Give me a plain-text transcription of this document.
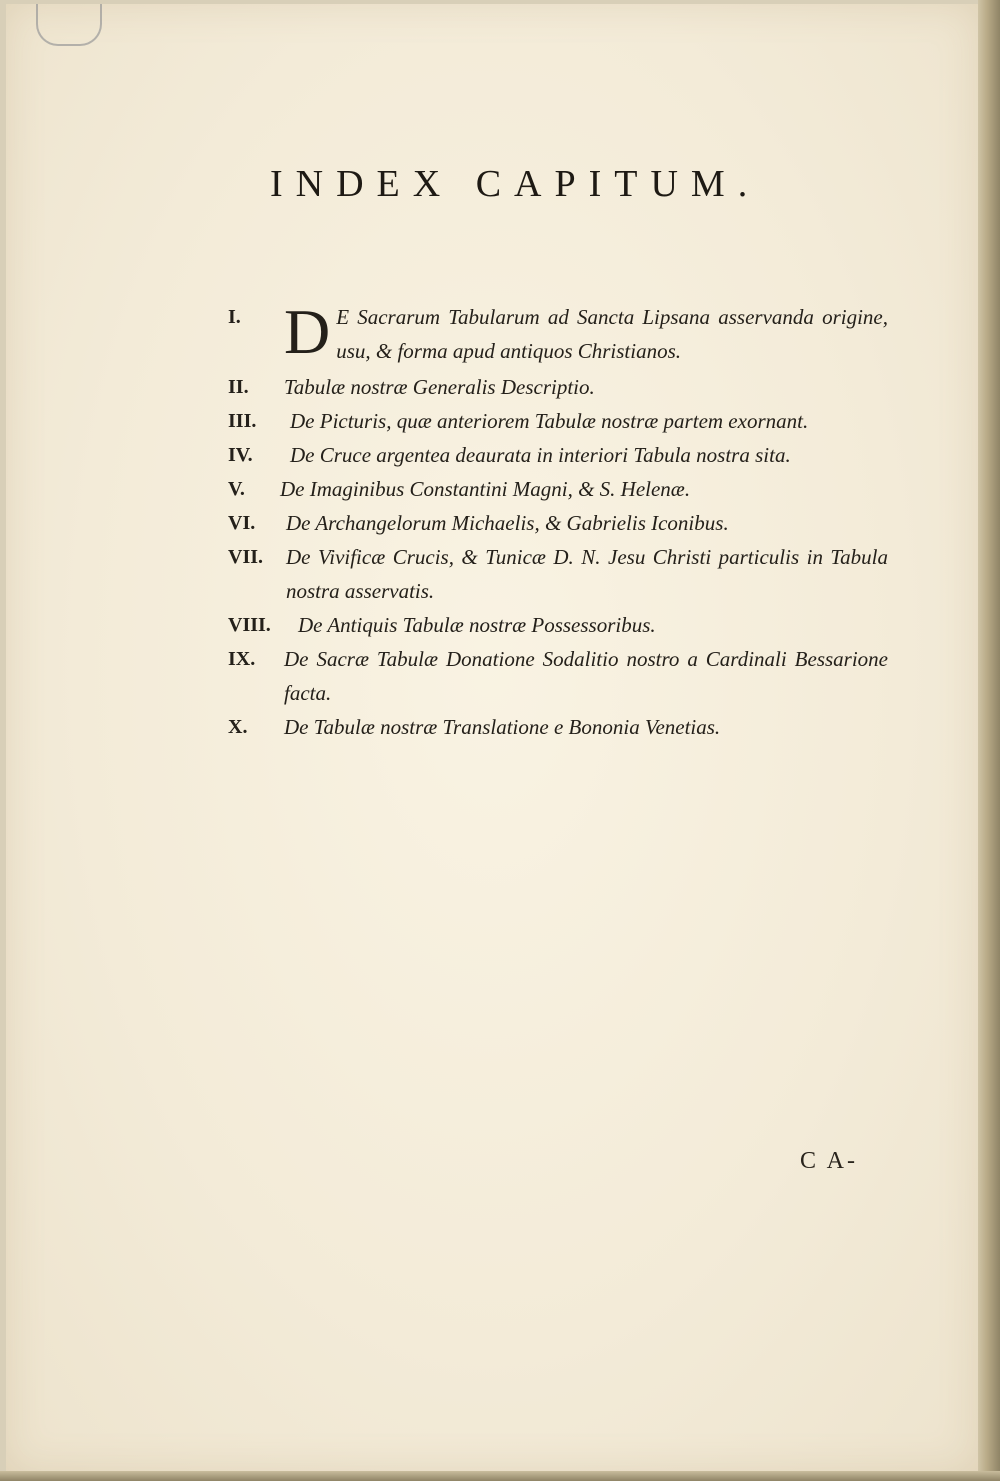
INDEX CAPITUM.
I. D E Sacrarum Tabularum ad Sancta Lipsana asservanda origine, usu, & forma apud antiquos Christianos.
II. Tabulæ nostræ Generalis Descriptio.
III. De Picturis, quæ anteriorem Tabulæ nostræ partem exornant.
IV. De Cruce argentea deaurata in interiori Tabula nostra sita.
V. De Imaginibus Constantini Magni, & S. Helenæ.
VI. De Archangelorum Michaelis, & Gabrielis Iconibus.
VII. De Vivificæ Crucis, & Tunicæ D. N. Jesu Christi particulis in Tabula nostra asservatis.
VIII. De Antiquis Tabulæ nostræ Possessoribus.
IX. De Sacræ Tabulæ Donatione Sodalitio nostro a Cardinali Bessarione facta.
X. De Tabulæ nostræ Translatione e Bononia Venetias.
C A-
